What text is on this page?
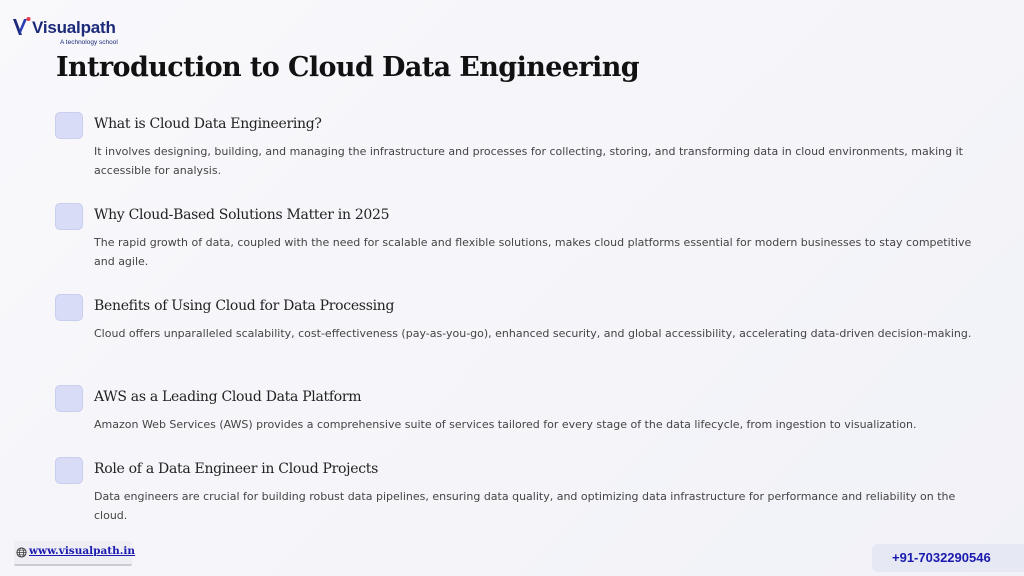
Visualpath
A technology school
Introduction to Cloud Data Engineering
What is Cloud Data Engineering?
It involves designing, building, and managing the infrastructure and processes for collecting, storing, and transforming data in cloud environments, making it accessible for analysis.
Why Cloud-Based Solutions Matter in 2025
The rapid growth of data, coupled with the need for scalable and flexible solutions, makes cloud platforms essential for modern businesses to stay competitive and agile.
Benefits of Using Cloud for Data Processing
Cloud offers unparalleled scalability, cost-effectiveness (pay-as-you-go), enhanced security, and global accessibility, accelerating data-driven decision-making.
AWS as a Leading Cloud Data Platform
Amazon Web Services (AWS) provides a comprehensive suite of services tailored for every stage of the data lifecycle, from ingestion to visualization.
Role of a Data Engineer in Cloud Projects
Data engineers are crucial for building robust data pipelines, ensuring data quality, and optimizing data infrastructure for performance and reliability on the cloud.
www.visualpath.in	+91-7032290546
